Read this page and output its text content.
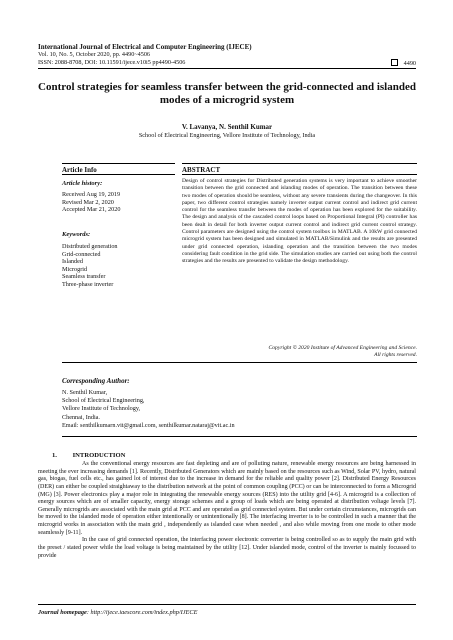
International Journal of Electrical and Computer Engineering (IJECE)
Vol. 10, No. 5, October 2020, pp. 4490~4506
ISSN: 2088-8708, DOI: 10.11591/ijece.v10i5 pp4490-4506	4490
Control strategies for seamless transfer between the grid-connected and islanded modes of a microgrid system
V. Lavanya, N. Senthil Kumar
School of Electrical Engineering, Vellore Institute of Technology, India
Article Info	ABSTRACT
Article history:
Received Aug 19, 2019
Revised Mar 2, 2020
Accepted Mar 21, 2020
Keywords:
Distributed generation
Grid-connected
Islanded
Microgrid
Seamless transfer
Three-phase inverter
Design of control strategies for Distributed generation systems is very important to achieve smoother transition between the grid connected and islanding modes of operation. The transition between these two modes of operation should be seamless, without any severe transients during the changeover. In this paper, two different control strategies namely inverter output current control and indirect grid current control for the seamless transfer between the modes of operation has been explored for the suitability. The design and analysis of the cascaded control loops based on Proportional Integral (PI) controller has been dealt in detail for both inverter output current control and indirect grid current control strategy. Control parameters are designed using the control system toolbox in MATLAB. A 10kW grid connected microgrid system has been designed and simulated in MATLAB/Simulink and the results are presented under grid connected operation, islanding operation and the transition between the two modes considering fault condition in the grid side. The simulation studies are carried out using both the control strategies and the results are presented to validate the design methodology.
Copyright © 2020 Institute of Advanced Engineering and Science.
All rights reserved.
Corresponding Author:
N. Senthil Kumar,
School of Electrical Engineering,
Vellore Institute of Technology,
Chennai, India.
Email: senthilkumarn.vit@gmail.com, senthilkumar.nataraj@vit.ac.in
1. INTRODUCTION

As the conventional energy resources are fast depleting and are of polluting nature, renewable energy resources are being harnessed in meeting the ever increasing demands [1]. Recently, Distributed Generators which are mainly based on the resources such as Wind, Solar PV, hydro, natural gas, biogas, fuel cells etc., has gained lot of interest due to the increase in demand for the reliable and quality power [2]. Distributed Energy Resources (DER) can either be coupled straightaway to the distribution network at the point of common coupling (PCC) or can be interconnected to form a Microgrid (MG) [3]. Power electronics play a major role in integrating the renewable energy sources (RES) into the utility grid [4-6]. A microgrid is a collection of energy sources which are of smaller capacity, energy storage schemes and a group of loads which are being operated at distribution voltage levels [7]. Generally microgrids are associated with the main grid at PCC and are operated as grid connected system. But under certain circumstances, microgrids can be moved to the islanded mode of operation either intentionally or unintentionally [8]. The interfacing inverter is to be controlled in such a manner that the microgrid works in association with the main grid , independently as islanded case when needed , and also while moving from one mode to other mode seamlessly [9-11].

In the case of grid connected operation, the interfacing power electronic converter is being controlled so as to supply the main grid with the preset / stated power while the load voltage is being maintained by the utility [12]. Under islanded mode, control of the inverter is mainly focussed to provide

Journal homepage: http://ijece.iaescore.com/index.php/IJECE
